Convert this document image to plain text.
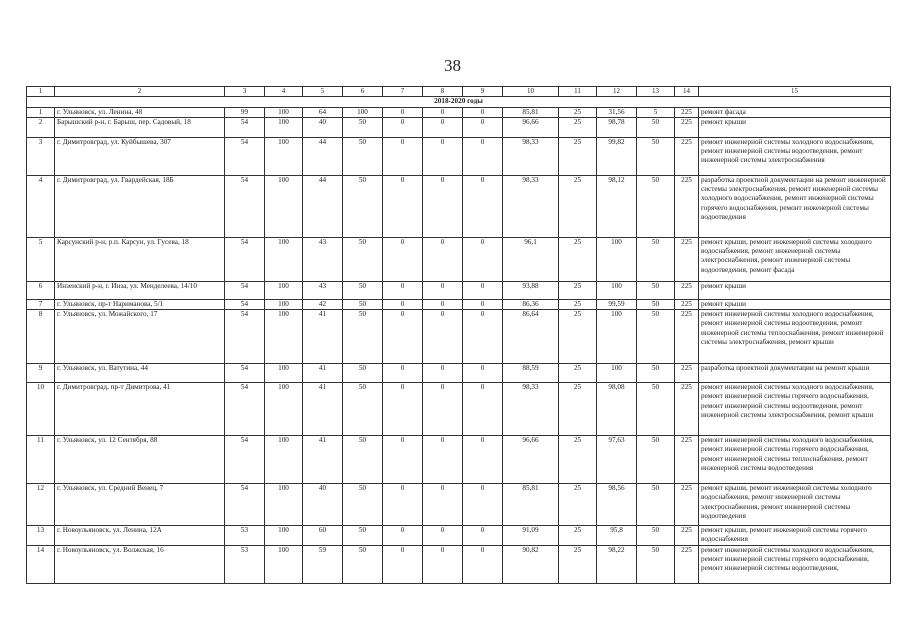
38
1	2	3	4	5	6	7	8	9	10	11	12	13	14	15
2018-2020 годы														
1	г. Ульяновск, ул. Ленина, 48	99	100	64	100	0	0	0	85,81	25	31,56	5	225	ремонт фасада
2	Барышский р-н, г. Барыш, пер. Садовый, 18	54	100	40	50	0	0	0	96,66	25	98,78	50	225	ремонт крыши
3	г. Димитровград, ул. Куйбышева, 307	54	100	44	50	0	0	0	98,33	25	99,82	50	225	ремонт инженерной системы холодного водоснабжения, ремонт инженерной системы водоотведения, ремонт инженерной системы электроснабжения
4	г. Димитровград, ул. Гвардейская, 18Б	54	100	44	50	0	0	0	98,33	25	98,12	50	225	разработка проектной документации на ремонт инженерной системы электроснабжения, ремонт инженерной системы холодного водоснабжения, ремонт инженерной системы горячего водоснабжения, ремонт инженерной системы водоотведения
5	Карсунский р-н, р.п. Карсун, ул. Гусева, 18	54	100	43	50	0	0	0	96,1	25	100	50	225	ремонт крыши, ремонт инженерной системы холодного водоснабжения, ремонт инженерной системы электроснабжения, ремонт инженерной системы водоотведения, ремонт фасада
6	Инзенский р-н, г. Инза, ул. Менделеева, 14/10	54	100	43	50	0	0	0	93,88	25	100	50	225	ремонт крыши
7	г. Ульяновск, пр-т Нариманова, 5/1	54	100	42	50	0	0	0	86,36	25	99,59	50	225	ремонт крыши
8	г. Ульяновск, ул. Можайского, 17	54	100	41	50	0	0	0	86,64	25	100	50	225	ремонт инженерной системы холодного водоснабжения, ремонт инженерной системы водоотведения, ремонт инженерной системы теплоснабжения, ремонт инженерной системы электроснабжения, ремонт крыши
9	г. Ульяновск, ул. Ватутина, 44	54	100	41	50	0	0	0	88,59	25	100	50	225	разработка проектной документации на ремонт крыши
10	г. Димитровград, пр-т Димитрова, 41	54	100	41	50	0	0	0	98,33	25	98,08	50	225	ремонт инженерной системы холодного водоснабжения, ремонт инженерной системы горячего водоснабжения, ремонт инженерной системы водоотведения, ремонт инженерной системы электроснабжения, ремонт крыши
11	г. Ульяновск, ул. 12 Сентября, 88	54	100	41	50	0	0	0	96,66	25	97,63	50	225	ремонт инженерной системы холодного водоснабжения, ремонт инженерной системы горячего водоснабжения, ремонт инженерной системы теплоснабжения, ремонт инженерной системы водоотведения
12	г. Ульяновск, ул. Средний Венец, 7	54	100	40	50	0	0	0	85,81	25	98,56	50	225	ремонт крыши, ремонт инженерной системы холодного водоснабжения, ремонт инженерной системы электроснабжения, ремонт инженерной системы водоотведения
13	г. Новоульяновск, ул. Ленина, 12А	53	100	60	50	0	0	0	91,09	25	95,8	50	225	ремонт крыши, ремонт инженерной системы горячего водоснабжения
14	г. Новоульяновск, ул. Волжская, 16	53	100	59	50	0	0	0	90,82	25	98,22	50	225	ремонт инженерной системы холодного водоснабжения, ремонт инженерной системы горячего водоснабжения, ремонт инженерной системы водоотведения,
